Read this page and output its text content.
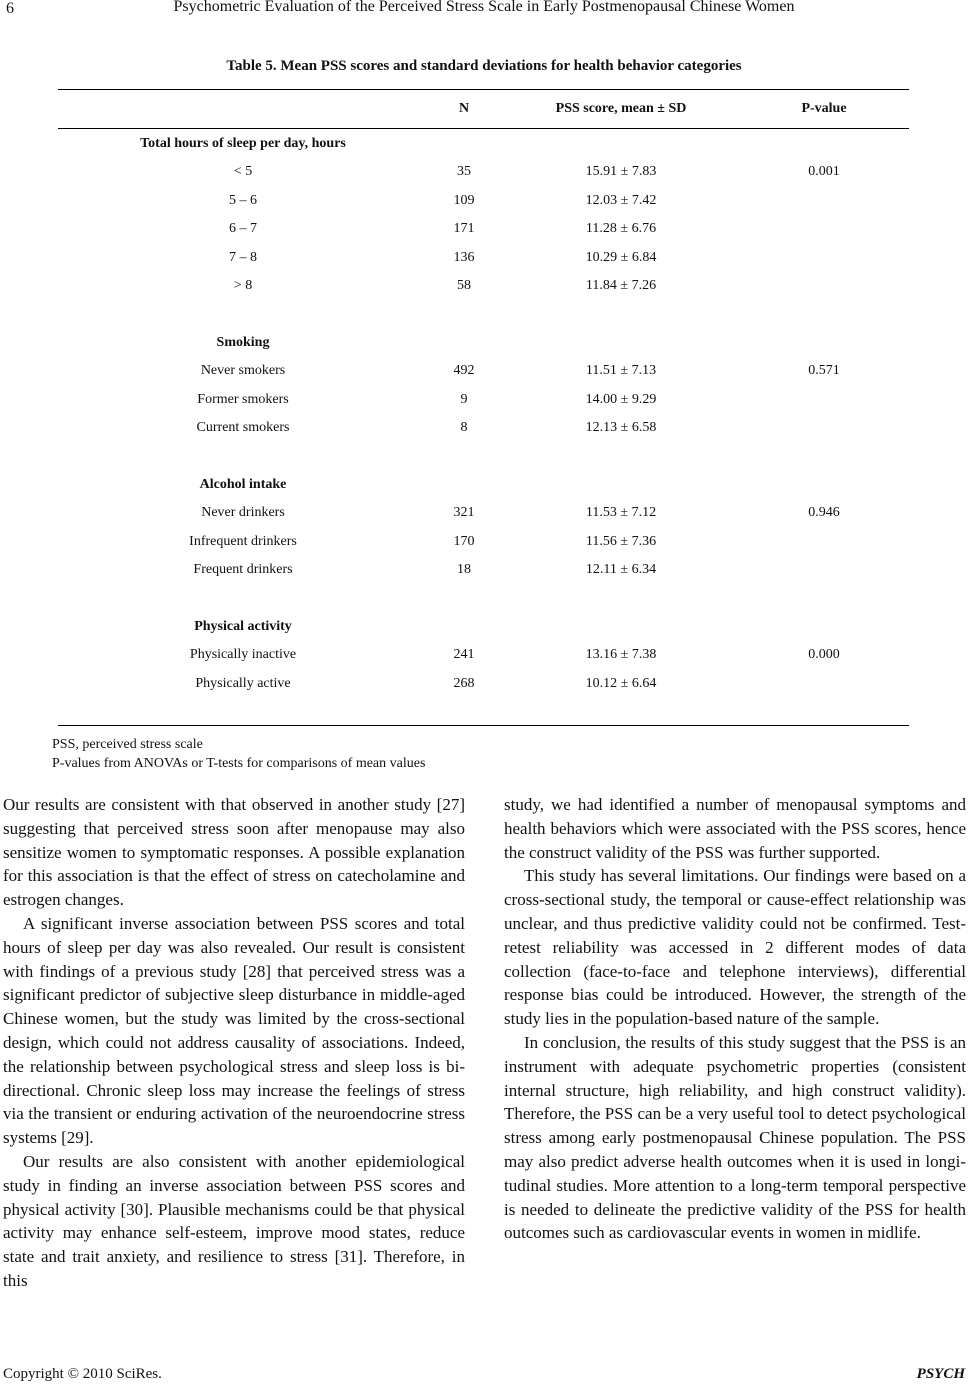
6	Psychometric Evaluation of the Perceived Stress Scale in Early Postmenopausal Chinese Women
Table 5. Mean PSS scores and standard deviations for health behavior categories
N	PSS score, mean ± SD	P-value
Total hours of sleep per day, hours
< 5	35	15.91 ± 7.83	0.001
5 – 6	109	12.03 ± 7.42
6 – 7	171	11.28 ± 6.76
7 – 8	136	10.29 ± 6.84
> 8	58	11.84 ± 7.26
Smoking
Never smokers	492	11.51 ± 7.13	0.571
Former smokers	9	14.00 ± 9.29
Current smokers	8	12.13 ± 6.58
Alcohol intake
Never drinkers	321	11.53 ± 7.12	0.946
Infrequent drinkers	170	11.56 ± 7.36
Frequent drinkers	18	12.11 ± 6.34
Physical activity
Physically inactive	241	13.16 ± 7.38	0.000
Physically active	268	10.12 ± 6.64
PSS, perceived stress scale
P-values from ANOVAs or T-tests for comparisons of mean values

Our results are consistent with that observed in another study [27] suggesting that perceived stress soon after menopause may also sensitize women to symptomatic responses. A possible explanation for this association is that the effect of stress on catecholamine and estrogen changes.

A significant inverse association between PSS scores and total hours of sleep per day was also revealed. Our result is consistent with findings of a previous study [28] that perceived stress was a significant predictor of subjective sleep disturbance in middle-aged Chinese women, but the study was limited by the cross-sectional design, which could not address causality of associations. Indeed, the relationship between psychological stress and sleep loss is bi-directional. Chronic sleep loss may increase the feelings of stress via the transient or enduring activation of the neuroendocrine stress systems [29].

Our results are also consistent with another epidemiological study in finding an inverse association between PSS scores and physical activity [30]. Plausible mechanisms could be that physical activity may enhance self-esteem, improve mood states, reduce state and trait anxiety, and resilience to stress [31]. Therefore, in this

study, we had identified a number of menopausal symptoms and health behaviors which were associated with the PSS scores, hence the construct validity of the PSS was further supported.

This study has several limitations. Our findings were based on a cross-sectional study, the temporal or cause-effect relationship was unclear, and thus predictive validity could not be confirmed. Test-retest reliability was accessed in 2 different modes of data collection (face-to-face and telephone interviews), differential response bias could be introduced. However, the strength of the study lies in the population-based nature of the sample.

In conclusion, the results of this study suggest that the PSS is an instrument with adequate psychometric properties (consistent internal structure, high reliability, and high construct validity). Therefore, the PSS can be a very useful tool to detect psychological stress among early postmenopausal Chinese population. The PSS may also predict adverse health outcomes when it is used in longitudinal studies. More attention to a long-term temporal perspective is needed to delineate the predictive validity of the PSS for health outcomes such as cardiovascular events in women in midlife.

Copyright © 2010 SciRes.	PSYCH
